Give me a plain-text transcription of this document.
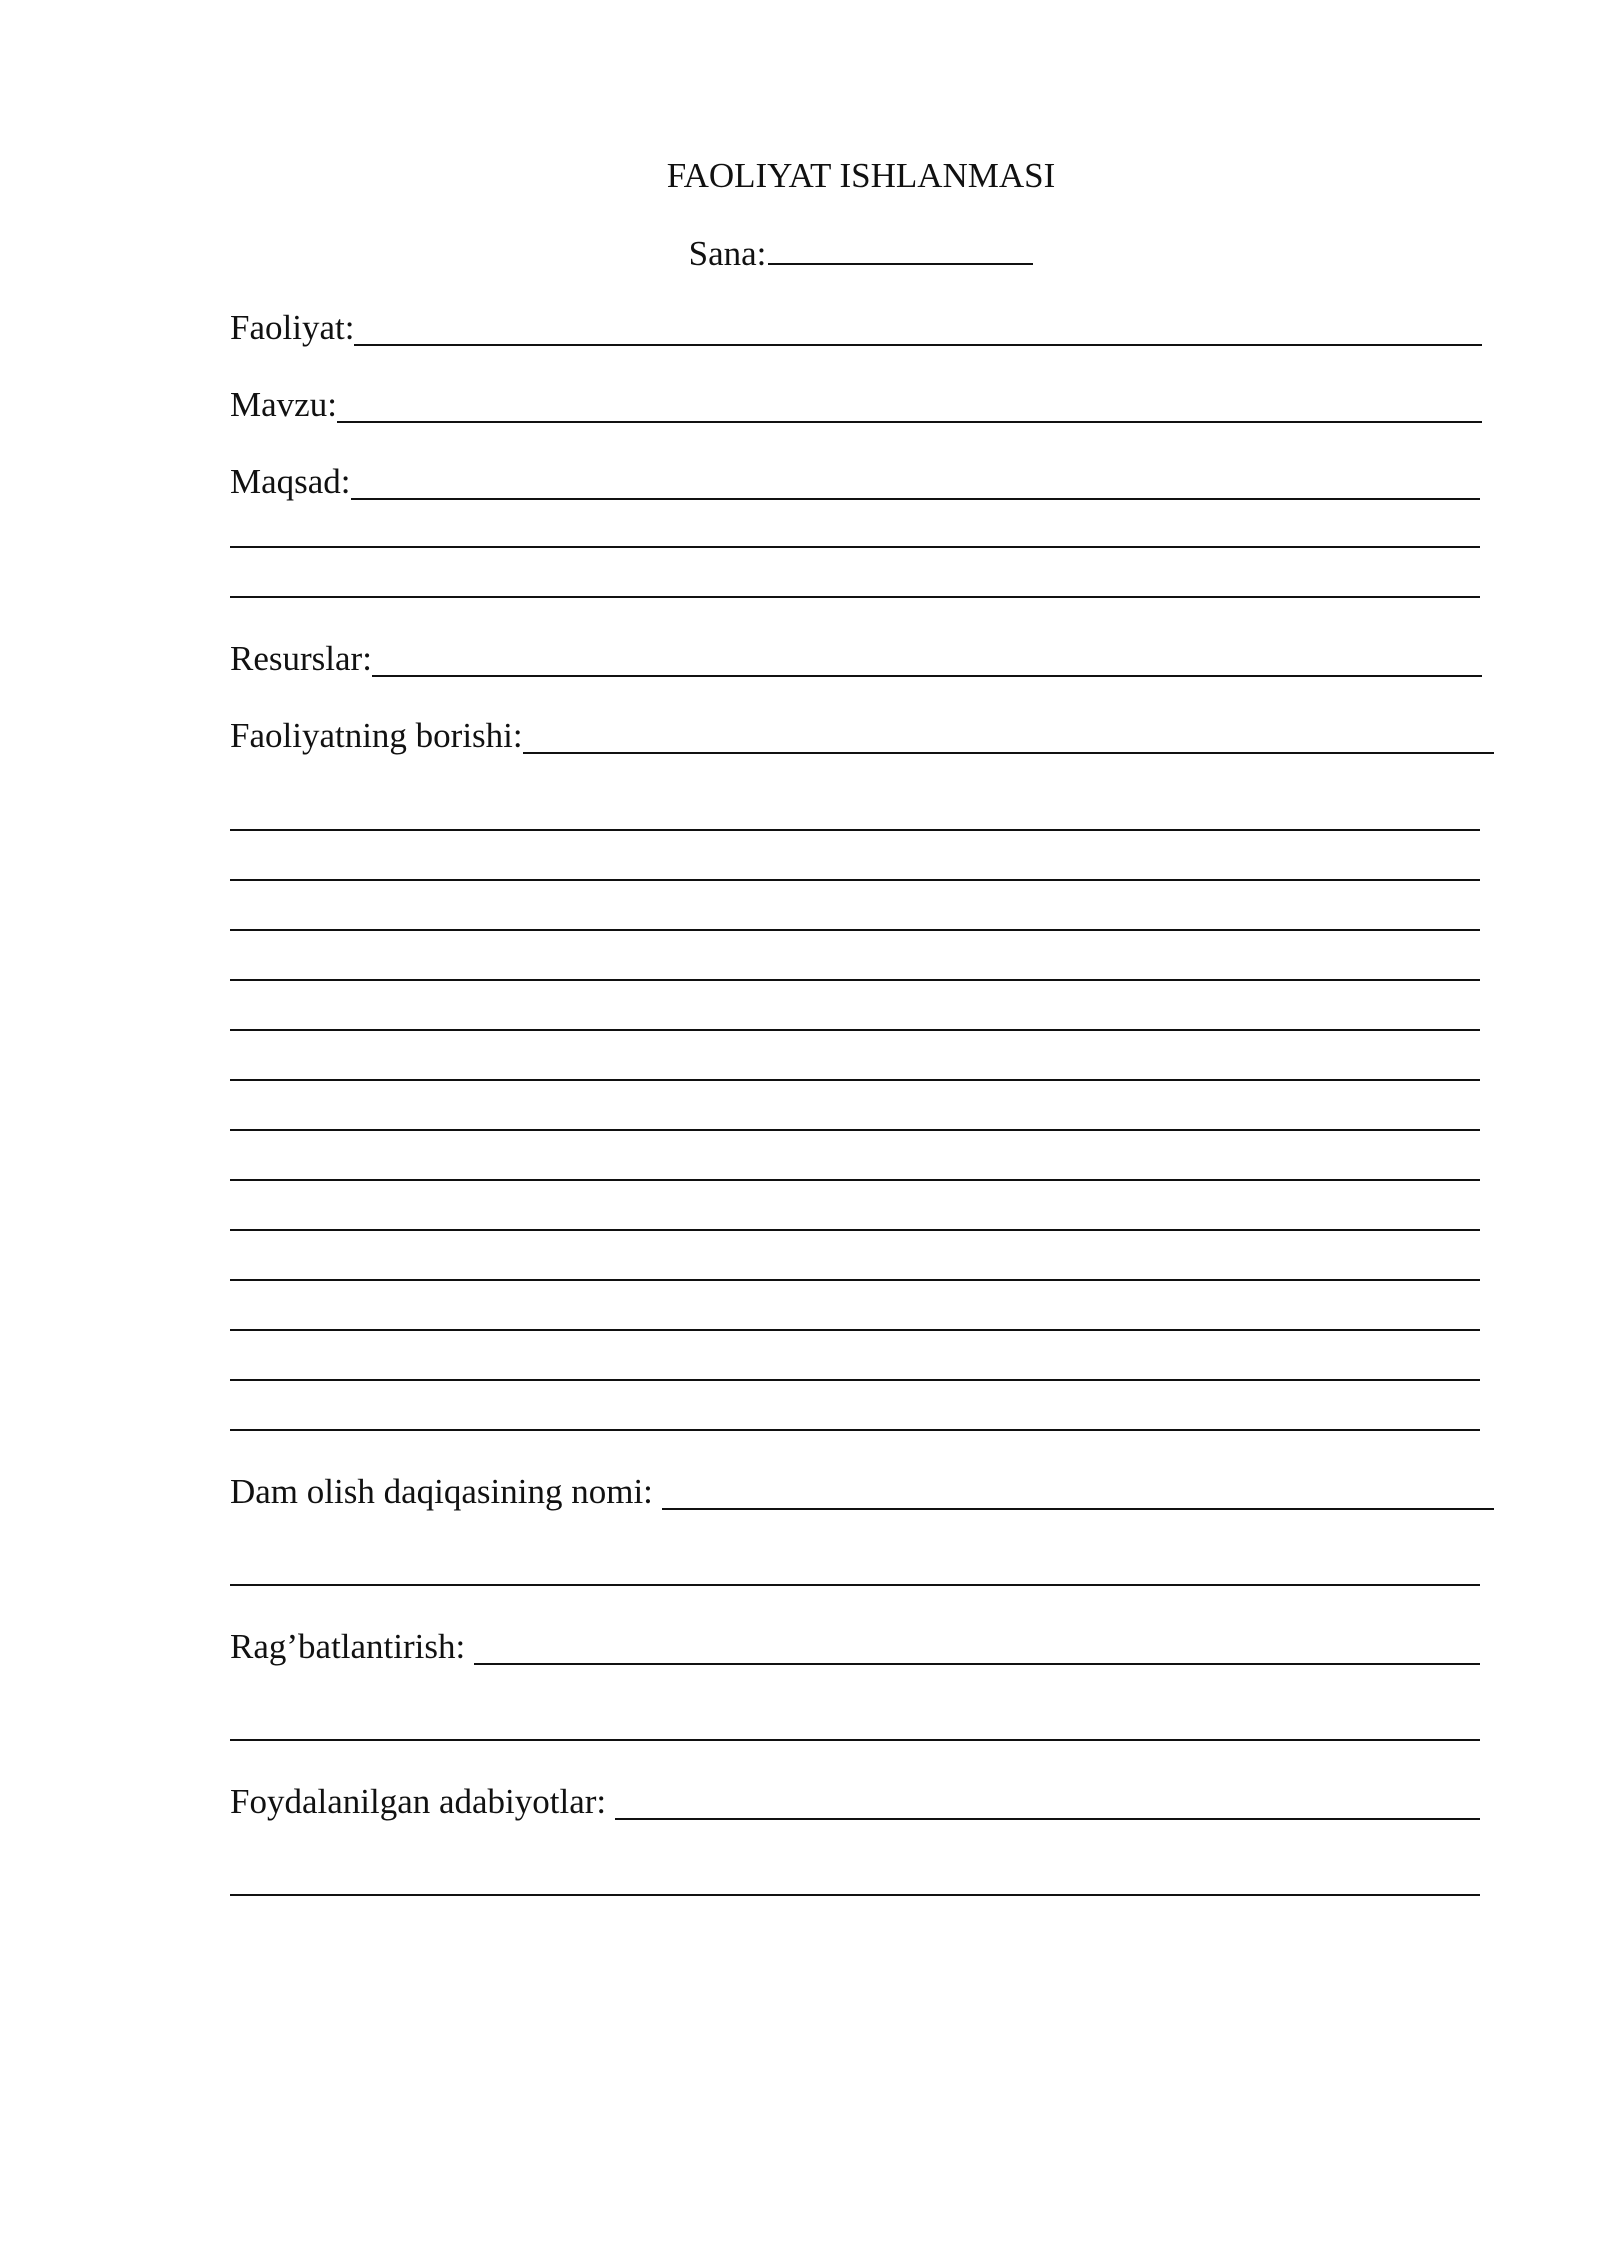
FAOLIYAT ISHLANMASI
Sana:
Faoliyat:
Mavzu:
Maqsad:
Resurslar:
Faoliyatning borishi:
Dam olish daqiqasining nomi:
Rag’batlantirish:
Foydalanilgan adabiyotlar:
